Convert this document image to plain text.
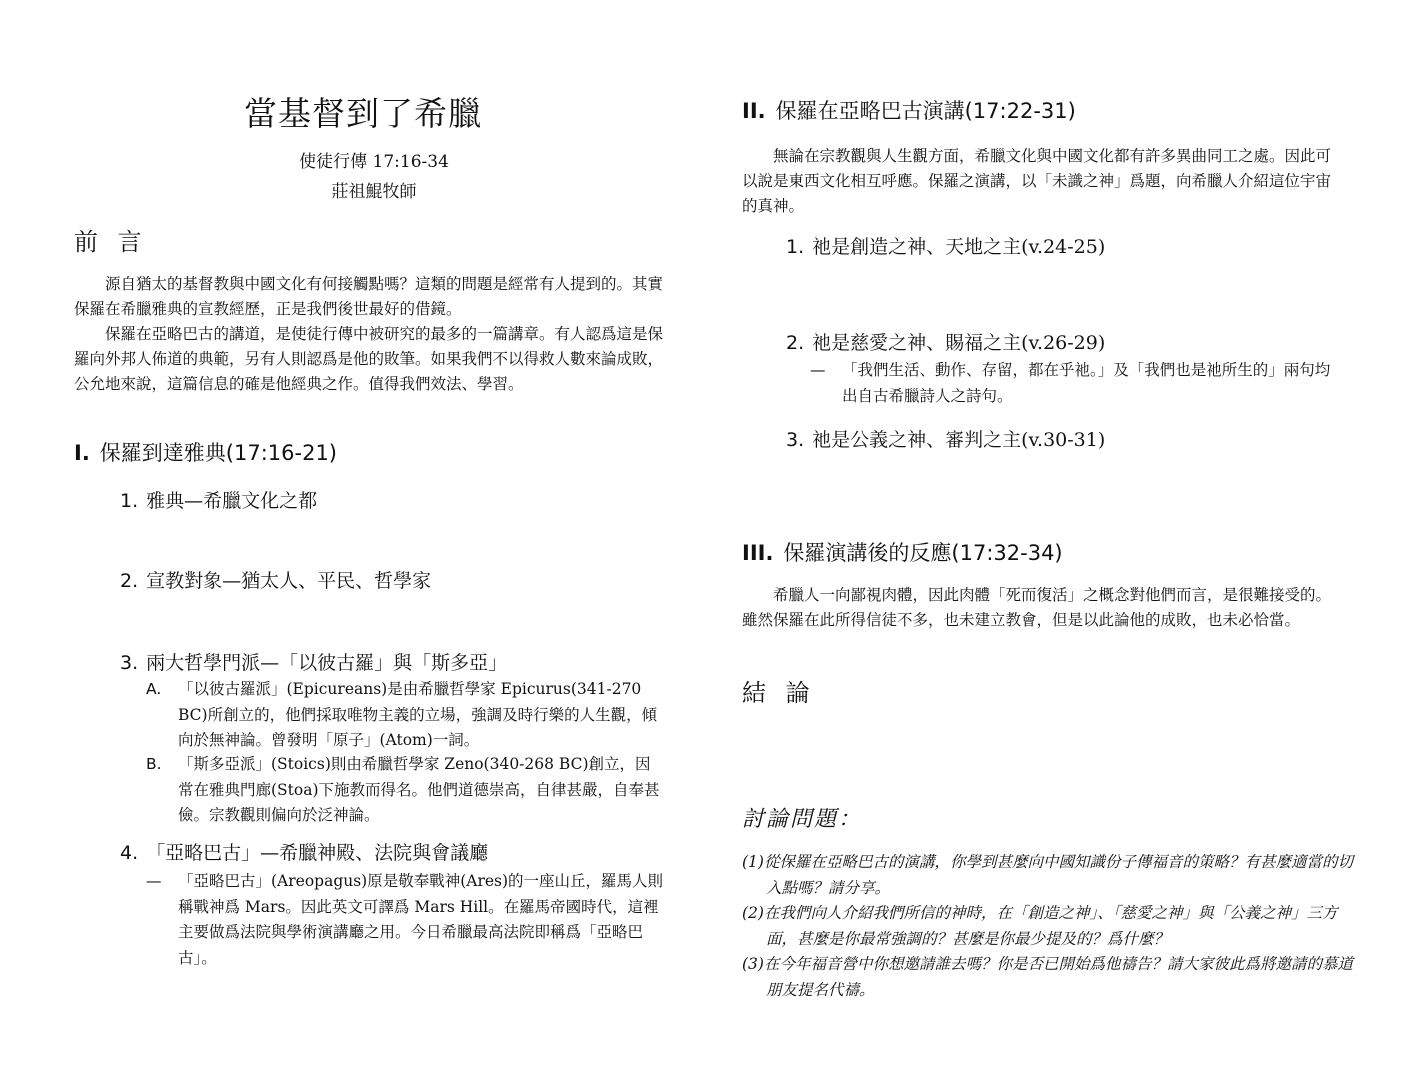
當基督到了希臘
使徒行傳 17:16-34
莊祖鯤牧師
前 言

源自猶太的基督教與中國文化有何接觸點嗎？這類的問題是經常有人提到的。其實保羅在希臘雅典的宣教經歷，正是我們後世最好的借鏡。

保羅在亞略巴古的講道，是使徒行傳中被研究的最多的一篇講章。有人認爲這是保羅向外邦人佈道的典範，另有人則認爲是他的敗筆。如果我們不以得救人數來論成敗，公允地來說，這篇信息的確是他經典之作。值得我們效法、學習。

I. 保羅到達雅典(17:16-21)
1. 雅典—希臘文化之都
2. 宣教對象—猶太人、平民、哲學家
3. 兩大哲學門派—「以彼古羅」與「斯多亞」
A. 「以彼古羅派」(Epicureans)是由希臘哲學家 Epicurus(341-270 BC)所創立的，他們採取唯物主義的立場，強調及時行樂的人生觀，傾向於無神論。曾發明「原子」(Atom)一詞。
B. 「斯多亞派」(Stoics)則由希臘哲學家 Zeno(340-268 BC)創立，因常在雅典門廊(Stoa)下施教而得名。他們道德崇高，自律甚嚴，自奉甚儉。宗教觀則偏向於泛神論。
4. 「亞略巴古」—希臘神殿、法院與會議廳
— 「亞略巴古」(Areopagus)原是敬奉戰神(Ares)的一座山丘，羅馬人則稱戰神爲 Mars。因此英文可譯爲 Mars Hill。在羅馬帝國時代，這裡主要做爲法院與學術演講廳之用。今日希臘最高法院即稱爲「亞略巴古」。
II. 保羅在亞略巴古演講(17:22-31)

無論在宗教觀與人生觀方面，希臘文化與中國文化都有許多異曲同工之處。因此可以說是東西文化相互呼應。保羅之演講，以「未識之神」爲題，向希臘人介紹這位宇宙的真神。

1. 祂是創造之神、天地之主(v.24-25)
2. 祂是慈愛之神、賜福之主(v.26-29)
— 「我們生活、動作、存留，都在乎祂。」及「我們也是祂所生的」兩句均出自古希臘詩人之詩句。
3. 祂是公義之神、審判之主(v.30-31)
III. 保羅演講後的反應(17:32-34)

希臘人一向鄙視肉體，因此肉體「死而復活」之概念對他們而言，是很難接受的。雖然保羅在此所得信徒不多，也未建立教會，但是以此論他的成敗，也未必恰當。

結 論
討論問題：
(1)從保羅在亞略巴古的演講，你學到甚麼向中國知識份子傳福音的策略？有甚麼適當的切入點嗎？請分享。
(2)在我們向人介紹我們所信的神時，在「創造之神」、「慈愛之神」與「公義之神」三方面，甚麼是你最常強調的？甚麼是你最少提及的？爲什麼？
(3)在今年福音營中你想邀請誰去嗎？你是否已開始爲他禱告？請大家彼此爲將邀請的慕道朋友提名代禱。
